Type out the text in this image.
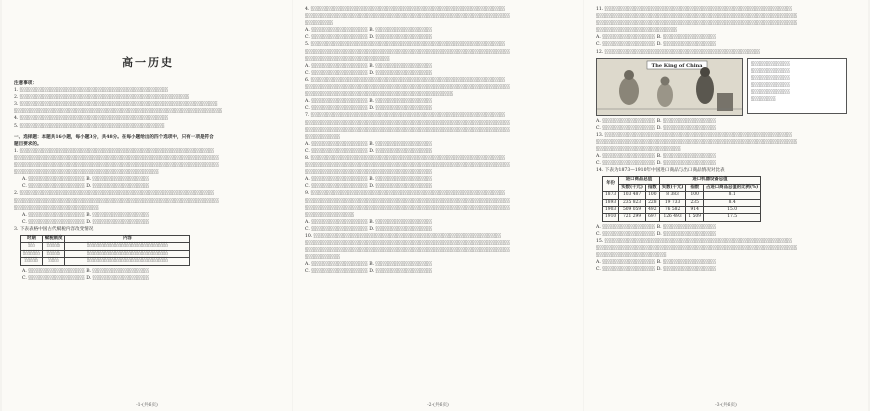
高一历史
注意事项：
1. ░░░░░░░░░░░░░░░░░░░░░░░░░░░░░░░░░░░░░░░░░░
2. ░░░░░░░░░░░░░░░░░░░░░░░░░░░░░░░░░░░░░░░░░░░░░░░░
3. ░░░░░░░░░░░░░░░░░░░░░░░░░░░░░░░░░░░░░░░░░░░░░░░░░░░░░░░░
░░░░░░░░░░░░░░░░░░░░░░░░░░░░░░░░░░░░░░░░░░░░░░░░░░░░░░░░░░░
4. ░░░░░░░░░░░░░░░░░░░░░░░░░░░░░░░░░░░░░░░░░░
5. ░░░░░░░░░░░░░░░░░░░░░░░░░░░░░░░░░░░░░░░░░
一、选择题：本题共16小题，每小题3分，共48分。在每小题给出的四个选项中，只有一项是符合
题目要求的。
1. ░░░░░░░░░░░░░░░░░░░░░░░░░░░░░░░░░░░░░░░░░░░░░░░░░░░░░░░
░░░░░░░░░░░░░░░░░░░░░░░░░░░░░░░░░░░░░░░░░░░░░░░░░░░░░░░░░░
░░░░░░░░░░░░░░░░░░░░░░░░░░░░░░░░░░░░░░░░░░░░░░░░░░░░░░░░░░
░░░░░░░░░░░░░░░░░░░░░░░░░░░░░░░░░░░░░░░░░
A. ░░░░░░░░░░░░░░░░ B. ░░░░░░░░░░░░░░░░
C. ░░░░░░░░░░░░░░░░ D. ░░░░░░░░░░░░░░░░
2. ░░░░░░░░░░░░░░░░░░░░░░░░░░░░░░░░░░░░░░░░░░░░░░░░░░░░░░░
░░░░░░░░░░░░░░░░░░░░░░░░░░░░░░░░░░░░░░░░░░░░░░░░░░░░░░░░░░
░░░░░░░░░░░░░░░░░░░░░░░░
A. ░░░░░░░░░░░░░░░░ B. ░░░░░░░░░░░░░░░░
C. ░░░░░░░░░░░░░░░░ D. ░░░░░░░░░░░░░░░░
3. 下表表格中国古代赋税内容改变情况
时期	赋税制度	内容
░░	░░░░	░░░░░░░░░░░░░░░░░░░░░░░░
░░░░░	░░░░	░░░░░░░░░░░░░░░░░░░░░░░░
░░░░	░░░	░░░░░░░░░░░░░░░░░░░░░░░░
A. ░░░░░░░░░░░░░░░░ B. ░░░░░░░░░░░░░░░░
C. ░░░░░░░░░░░░░░░░ D. ░░░░░░░░░░░░░░░░
-1-(共6页)
4. ░░░░░░░░░░░░░░░░░░░░░░░░░░░░░░░░░░░░░░░░░░░░░░░░░░░░░░░
░░░░░░░░░░░░░░░░░░░░░░░░░░░░░░░░░░░░░░░░░░░░░░░░░░░░░░░░░░
░░░░░░░░
A. ░░░░░░░░░░░░░░░░ B. ░░░░░░░░░░░░░░░░
C. ░░░░░░░░░░░░░░░░ D. ░░░░░░░░░░░░░░░░
5. ░░░░░░░░░░░░░░░░░░░░░░░░░░░░░░░░░░░░░░░░░░░░░░░░░░░░░░░
░░░░░░░░░░░░░░░░░░░░░░░░░░░░░░░░░░░░░░░░░░░░░░░░░░░░░░░░░░
░░░░░░░░░░░░░░░░░░░░░░░░
A. ░░░░░░░░░░░░░░░░ B. ░░░░░░░░░░░░░░░░
C. ░░░░░░░░░░░░░░░░ D. ░░░░░░░░░░░░░░░░
6. ░░░░░░░░░░░░░░░░░░░░░░░░░░░░░░░░░░░░░░░░░░░░░░░░░░░░░░░
░░░░░░░░░░░░░░░░░░░░░░░░░░░░░░░░░░░░░░░░░░░░░░░░░░░░░░░░░░
░░░░░░░░░░░░░░░░░░░░░░░░░░░░░░░░░░░░░░░░░░
A. ░░░░░░░░░░░░░░░░ B. ░░░░░░░░░░░░░░░░
C. ░░░░░░░░░░░░░░░░ D. ░░░░░░░░░░░░░░░░
7. ░░░░░░░░░░░░░░░░░░░░░░░░░░░░░░░░░░░░░░░░░░░░░░░░░░░░░░░
░░░░░░░░░░░░░░░░░░░░░░░░░░░░░░░░░░░░░░░░░░░░░░░░░░░░░░░░░░
░░░░░░░░░░░░░░░░░░░░░░░░░░░░░░░░░░░░░░░░░░░░░░░░░░░░░░░░░░
░░░░░░░░░░
A. ░░░░░░░░░░░░░░░░ B. ░░░░░░░░░░░░░░░░
C. ░░░░░░░░░░░░░░░░ D. ░░░░░░░░░░░░░░░░
8. ░░░░░░░░░░░░░░░░░░░░░░░░░░░░░░░░░░░░░░░░░░░░░░░░░░░░░░░
░░░░░░░░░░░░░░░░░░░░░░░░░░░░░░░░░░░░░░░░░░░░░░░░░░░░░░░░░░
░░░░░░░░░░░░░░░░░░░░░░░░░░░░░░░░░░░░
A. ░░░░░░░░░░░░░░░░ B. ░░░░░░░░░░░░░░░░
C. ░░░░░░░░░░░░░░░░ D. ░░░░░░░░░░░░░░░░
9. ░░░░░░░░░░░░░░░░░░░░░░░░░░░░░░░░░░░░░░░░░░░░░░░░░░░░░░░
░░░░░░░░░░░░░░░░░░░░░░░░░░░░░░░░░░░░░░░░░░░░░░░░░░░░░░░░░░
░░░░░░░░░░░░░░░░░░░░░░░░░░░░░░░░░░░░░░░░░░░░░░░░░░░░░░░░░░
░░░░░░░░░░░░░░
A. ░░░░░░░░░░░░░░░░ B. ░░░░░░░░░░░░░░░░
C. ░░░░░░░░░░░░░░░░ D. ░░░░░░░░░░░░░░░░
10. ░░░░░░░░░░░░░░░░░░░░░░░░░░░░░░░░░░░░░░░░░░░░░░░░░░░░░
░░░░░░░░░░░░░░░░░░░░░░░░░░░░░░░░░░░░░░░░░░░░░░░░░░░░░░░░░░
░░░░░░░░░░░░░░░░░░░░░░░░░░░░░░░░░░░░░░░░░░░░░░░░░░░░░░░░░░
░░░░░░░░░░
A. ░░░░░░░░░░░░░░░░ B. ░░░░░░░░░░░░░░░░
C. ░░░░░░░░░░░░░░░░ D. ░░░░░░░░░░░░░░░░
-2-(共6页)
11. ░░░░░░░░░░░░░░░░░░░░░░░░░░░░░░░░░░░░░░░░░░░░░░░░░░░░░
░░░░░░░░░░░░░░░░░░░░░░░░░░░░░░░░░░░░░░░░░░░░░░░░░░░░░░░░░
░░░░░░░░░░░░░░░░░░░░░░░░░░░░░░░░░░░░░░░░░░░░░░░░░░░░░░░░░
░░░░░░░░░░░░░░░░░░░░░░░
A. ░░░░░░░░░░░░░░░ B. ░░░░░░░░░░░░░░░
C. ░░░░░░░░░░░░░░░ D. ░░░░░░░░░░░░░░░
12. ░░░░░░░░░░░░░░░░░░░░░░░░░░░░░░░░░░░░░░░░░░░░
The King of China	░░░░░░░░░░░
░░░░░░░░░░░
░░░░░░░░░░░
░░░░░░░░░░░
░░░░░░░░░░░
░░░░░░░
A. ░░░░░░░░░░░░░░░ B. ░░░░░░░░░░░░░░░
C. ░░░░░░░░░░░░░░░ D. ░░░░░░░░░░░░░░░
13. ░░░░░░░░░░░░░░░░░░░░░░░░░░░░░░░░░░░░░░░░░░░░░░░░░░░░░
░░░░░░░░░░░░░░░░░░░░░░░░░░░░░░░░░░░░░░░░░░░░░░░░░░░░░░░░░
░░░░░░░░░░░░░░░░░░░░░░░░
A. ░░░░░░░░░░░░░░░ B. ░░░░░░░░░░░░░░░
C. ░░░░░░░░░░░░░░░ D. ░░░░░░░░░░░░░░░
14. 下表为1873—1910年中国进口商品与出口商品情况对比表
年份	进口商品总值		进口机器设备总值		
	实数(千元)	指数	实数(千元)	指数	占进口商品总值的比例(%)
1873	103 487	100	8 383	100	8.1
1893	235 823	228	19 733	235	8.4
1903	509 059	492	76 582	914	15.0
1910	721 299	697	126 493	1 509	17.5
A. ░░░░░░░░░░░░░░░ B. ░░░░░░░░░░░░░░░
C. ░░░░░░░░░░░░░░░ D. ░░░░░░░░░░░░░░░
15. ░░░░░░░░░░░░░░░░░░░░░░░░░░░░░░░░░░░░░░░░░░░░░░░░░░░░░
░░░░░░░░░░░░░░░░░░░░░░░░░░░░░░░░░░░░░░░░░░░░░░░░░░░░░░░░░
░░░░░░░░░░░░░░░░░░░░
A. ░░░░░░░░░░░░░░░ B. ░░░░░░░░░░░░░░░
C. ░░░░░░░░░░░░░░░ D. ░░░░░░░░░░░░░░░
-3-(共6页)
